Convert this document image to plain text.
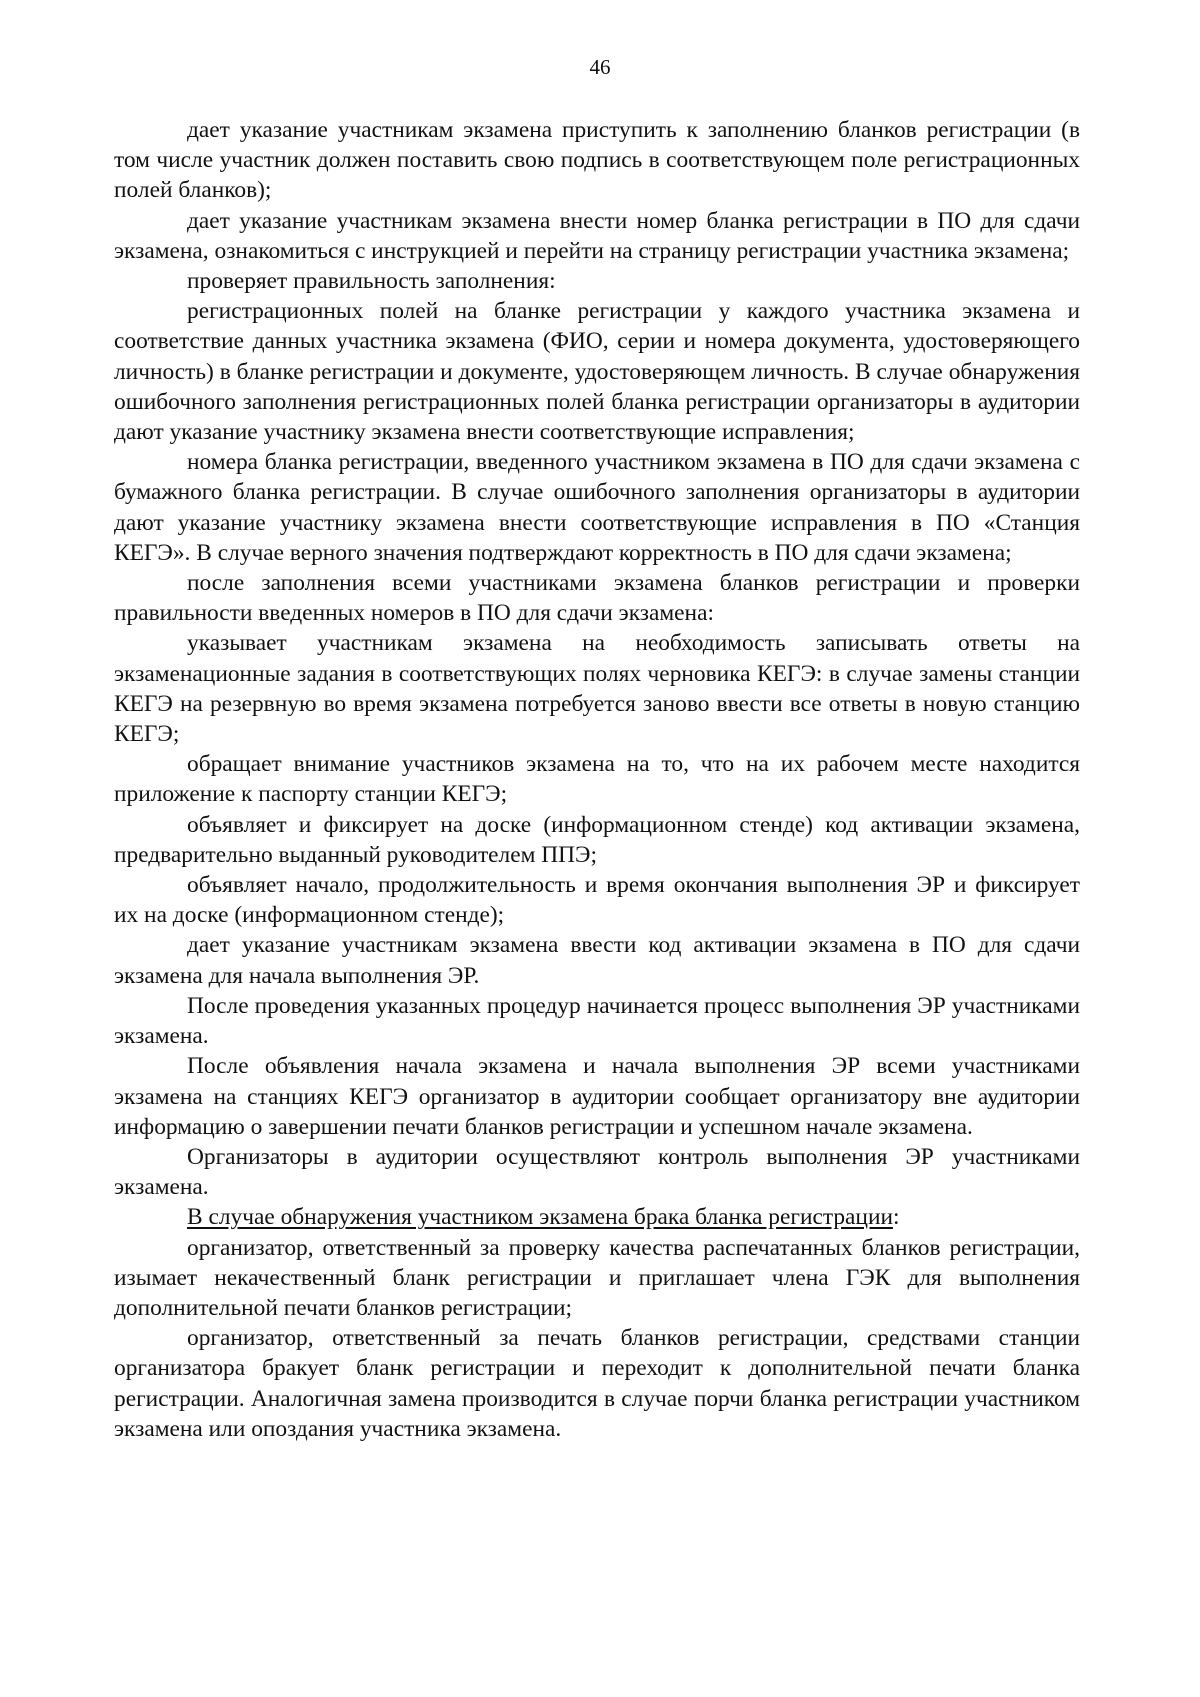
46

дает указание участникам экзамена приступить к заполнению бланков регистрации (в том числе участник должен поставить свою подпись в соответствующем поле регистрационных полей бланков);

дает указание участникам экзамена внести номер бланка регистрации в ПО для сдачи экзамена, ознакомиться с инструкцией и перейти на страницу регистрации участника экзамена;

проверяет правильность заполнения:

регистрационных полей на бланке регистрации у каждого участника экзамена и соответствие данных участника экзамена (ФИО, серии и номера документа, удостоверяющего личность) в бланке регистрации и документе, удостоверяющем личность. В случае обнаружения ошибочного заполнения регистрационных полей бланка регистрации организаторы в аудитории дают указание участнику экзамена внести соответствующие исправления;

номера бланка регистрации, введенного участником экзамена в ПО для сдачи экзамена с бумажного бланка регистрации. В случае ошибочного заполнения организаторы в аудитории дают указание участнику экзамена внести соответствующие исправления в ПО «Станция КЕГЭ». В случае верного значения подтверждают корректность в ПО для сдачи экзамена;

после заполнения всеми участниками экзамена бланков регистрации и проверки правильности введенных номеров в ПО для сдачи экзамена:

указывает участникам экзамена на необходимость записывать ответы на экзаменационные задания в соответствующих полях черновика КЕГЭ: в случае замены станции КЕГЭ на резервную во время экзамена потребуется заново ввести все ответы в новую станцию КЕГЭ;

обращает внимание участников экзамена на то, что на их рабочем месте находится приложение к паспорту станции КЕГЭ;

объявляет и фиксирует на доске (информационном стенде) код активации экзамена, предварительно выданный руководителем ППЭ;

объявляет начало, продолжительность и время окончания выполнения ЭР и фиксирует их на доске (информационном стенде);

дает указание участникам экзамена ввести код активации экзамена в ПО для сдачи экзамена для начала выполнения ЭР.

После проведения указанных процедур начинается процесс выполнения ЭР участниками экзамена.

После объявления начала экзамена и начала выполнения ЭР всеми участниками экзамена на станциях КЕГЭ организатор в аудитории сообщает организатору вне аудитории информацию о завершении печати бланков регистрации и успешном начале экзамена.

Организаторы в аудитории осуществляют контроль выполнения ЭР участниками экзамена.

В случае обнаружения участником экзамена брака бланка регистрации:

организатор, ответственный за проверку качества распечатанных бланков регистрации, изымает некачественный бланк регистрации и приглашает члена ГЭК для выполнения дополнительной печати бланков регистрации;

организатор, ответственный за печать бланков регистрации, средствами станции организатора бракует бланк регистрации и переходит к дополнительной печати бланка регистрации. Аналогичная замена производится в случае порчи бланка регистрации участником экзамена или опоздания участника экзамена.
